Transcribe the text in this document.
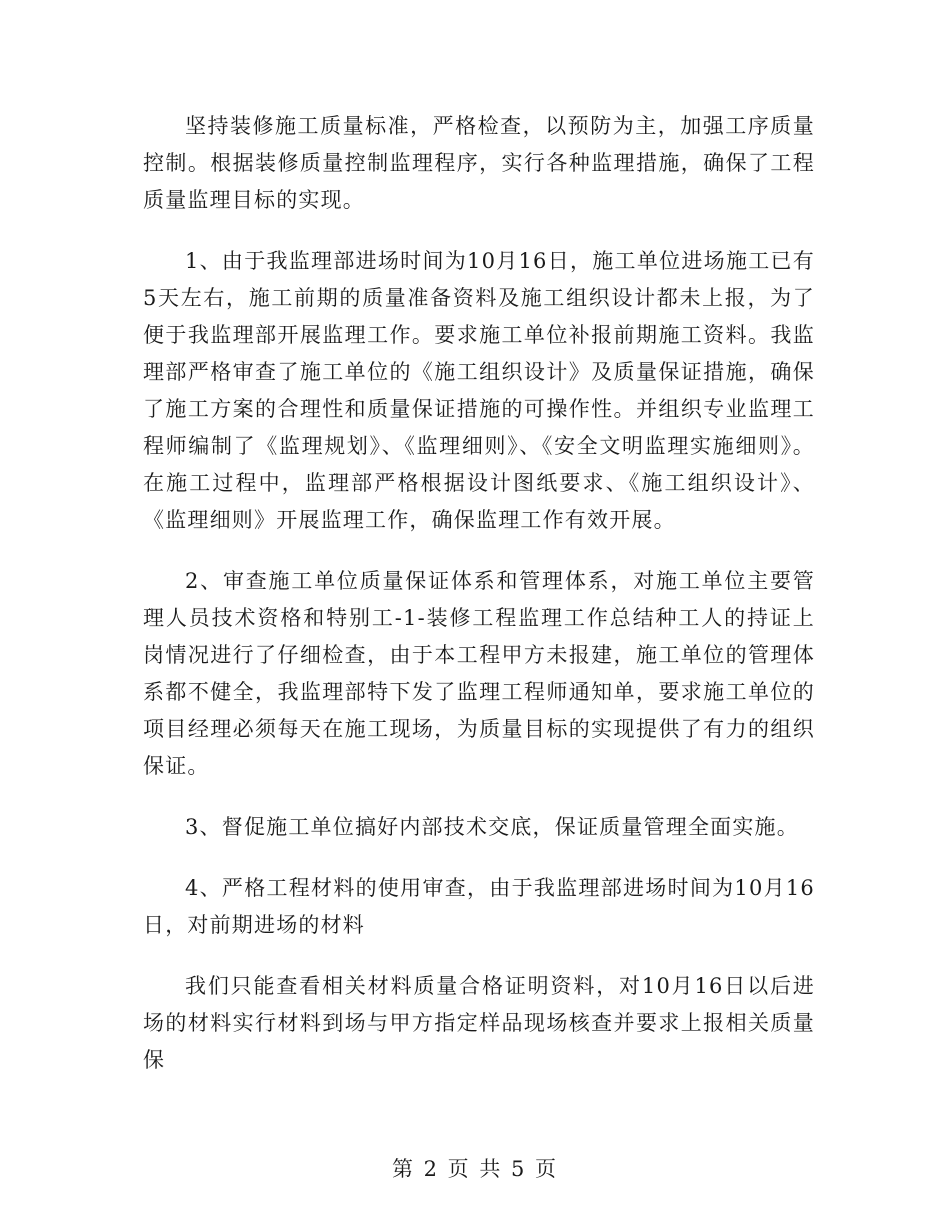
坚持装修施工质量标准，严格检查，以预防为主，加强工序质量控制。根据装修质量控制监理程序，实行各种监理措施，确保了工程质量监理目标的实现。

1、由于我监理部进场时间为10月16日，施工单位进场施工已有5天左右，施工前期的质量准备资料及施工组织设计都未上报，为了便于我监理部开展监理工作。要求施工单位补报前期施工资料。我监理部严格审查了施工单位的《施工组织设计》及质量保证措施，确保了施工方案的合理性和质量保证措施的可操作性。并组织专业监理工程师编制了《监理规划》、《监理细则》、《安全文明监理实施细则》。在施工过程中，监理部严格根据设计图纸要求、《施工组织设计》、《监理细则》开展监理工作，确保监理工作有效开展。

2、审查施工单位质量保证体系和管理体系，对施工单位主要管理人员技术资格和特别工-1-装修工程监理工作总结种工人的持证上岗情况进行了仔细检查，由于本工程甲方未报建，施工单位的管理体系都不健全，我监理部特下发了监理工程师通知单，要求施工单位的项目经理必须每天在施工现场，为质量目标的实现提供了有力的组织保证。

3、督促施工单位搞好内部技术交底，保证质量管理全面实施。

4、严格工程材料的使用审查，由于我监理部进场时间为10月16日，对前期进场的材料

我们只能查看相关材料质量合格证明资料，对10月16日以后进场的材料实行材料到场与甲方指定样品现场核查并要求上报相关质量保

第 2 页 共 5 页
